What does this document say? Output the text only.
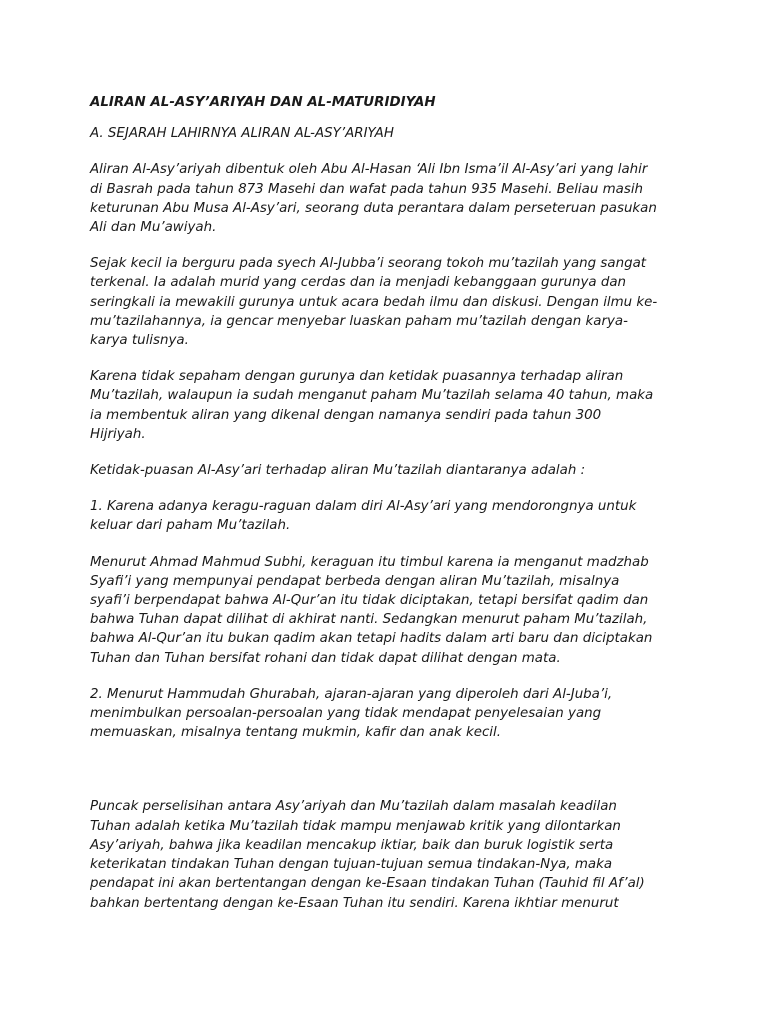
ALIRAN AL-ASY’ARIYAH DAN AL-MATURIDIYAH
A. SEJARAH LAHIRNYA ALIRAN AL-ASY’ARIYAH
Aliran Al-Asy’ariyah dibentuk oleh Abu Al-Hasan ‘Ali Ibn Isma’il Al-Asy’ari yang lahir
di Basrah pada tahun 873 Masehi dan wafat pada tahun 935 Masehi. Beliau masih
keturunan Abu Musa Al-Asy’ari, seorang duta perantara dalam perseteruan pasukan
Ali dan Mu’awiyah.
Sejak kecil ia berguru pada syech Al-Jubba’i seorang tokoh mu’tazilah yang sangat
terkenal. Ia adalah murid yang cerdas dan ia menjadi kebanggaan gurunya dan
seringkali ia mewakili gurunya untuk acara bedah ilmu dan diskusi. Dengan ilmu ke-
mu’tazilahannya, ia gencar menyebar luaskan paham mu’tazilah dengan karya-
karya tulisnya.
Karena tidak sepaham dengan gurunya dan ketidak puasannya terhadap aliran
Mu’tazilah, walaupun ia sudah menganut paham Mu’tazilah selama 40 tahun, maka
ia membentuk aliran yang dikenal dengan namanya sendiri pada tahun 300
Hijriyah.
Ketidak-puasan Al-Asy’ari terhadap aliran Mu’tazilah diantaranya adalah :
1. Karena adanya keragu-raguan dalam diri Al-Asy’ari yang mendorongnya untuk
keluar dari paham Mu’tazilah.
Menurut Ahmad Mahmud Subhi, keraguan itu timbul karena ia menganut madzhab
Syafi’i yang mempunyai pendapat berbeda dengan aliran Mu’tazilah, misalnya
syafi’i berpendapat bahwa Al-Qur’an itu tidak diciptakan, tetapi bersifat qadim dan
bahwa Tuhan dapat dilihat di akhirat nanti. Sedangkan menurut paham Mu’tazilah,
bahwa Al-Qur’an itu bukan qadim akan tetapi hadits dalam arti baru dan diciptakan
Tuhan dan Tuhan bersifat rohani dan tidak dapat dilihat dengan mata.
2. Menurut Hammudah Ghurabah, ajaran-ajaran yang diperoleh dari Al-Juba’i,
menimbulkan persoalan-persoalan yang tidak mendapat penyelesaian yang
memuaskan, misalnya tentang mukmin, kafir dan anak kecil.
Puncak perselisihan antara Asy’ariyah dan Mu’tazilah dalam masalah keadilan
Tuhan adalah ketika Mu’tazilah tidak mampu menjawab kritik yang dilontarkan
Asy’ariyah, bahwa jika keadilan mencakup iktiar, baik dan buruk logistik serta
keterikatan tindakan Tuhan dengan tujuan-tujuan semua tindakan-Nya, maka
pendapat ini akan bertentangan dengan ke-Esaan tindakan Tuhan (Tauhid fil Af’al)
bahkan bertentang dengan ke-Esaan Tuhan itu sendiri. Karena ikhtiar menurut
